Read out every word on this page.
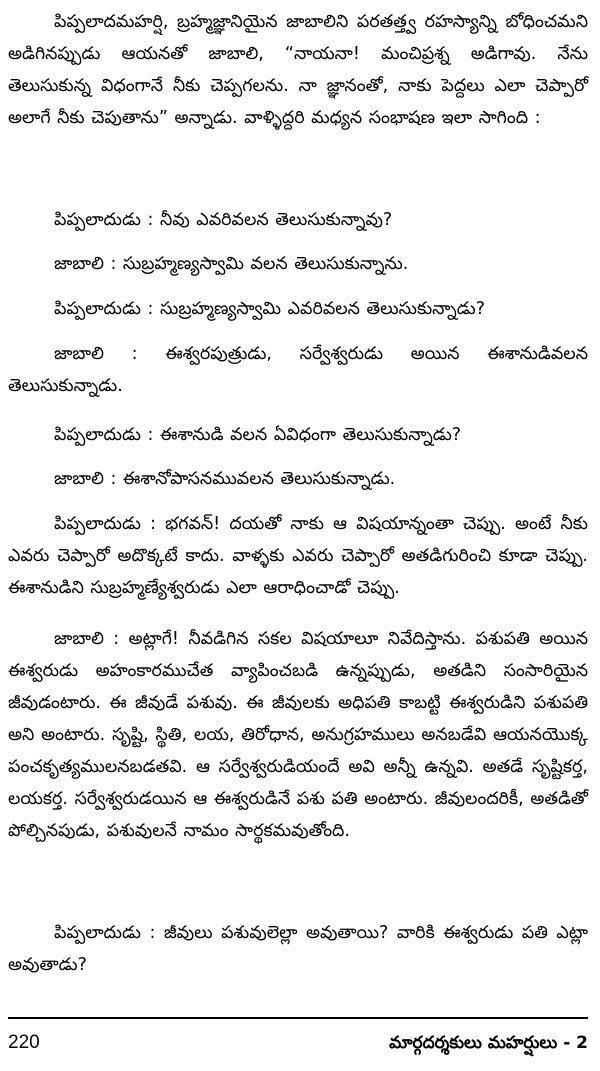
పిప్పలాదమహర్షి, బ్రహ్మజ్ఞానియైన జాబాలిని పరతత్త్వ రహస్యాన్ని బోధించమని అడిగినప్పుడు ఆయనతో జాబాలి, “నాయనా! మంచిప్రశ్న అడిగావు. నేను తెలుసుకున్న విధంగానే నీకు చెప్పగలను. నా జ్ఞానంతో, నాకు పెద్దలు ఎలా చెప్పారో అలాగే నీకు చెపుతాను” అన్నాడు. వాళ్ళిద్దరి మధ్యన సంభాషణ ఇలా సాగింది :

పిప్పలాదుడు : నీవు ఎవరివలన తెలుసుకున్నావు?

జాబాలి : సుబ్రహ్మణ్యస్వామి వలన తెలుసుకున్నాను.

పిప్పలాదుడు : సుబ్రహ్మణ్యస్వామి ఎవరివలన తెలుసుకున్నాడు?

జాబాలి : ఈశ్వరపుత్రుడు, సర్వేశ్వరుడు అయిన ఈశానుడివలన తెలుసుకున్నాడు.

పిప్పలాదుడు : ఈశానుడి వలన ఏవిధంగా తెలుసుకున్నాడు?

జాబాలి : ఈశానోపాసనమువలన తెలుసుకున్నాడు.

పిప్పలాదుడు : భగవన్! దయతో నాకు ఆ విషయాన్నంతా చెప్పు. అంటే నీకు ఎవరు చెప్పారో అదొక్కటే కాదు. వాళ్ళకు ఎవరు చెప్పారో అతడిగురించి కూడా చెప్పు. ఈశానుడిని సుబ్రహ్మణ్యేశ్వరుడు ఎలా ఆరాధించాడో చెప్పు.

జాబాలి : అట్లాగే! నీవడిగిన సకల విషయాలూ నివేదిస్తాను. పశుపతి అయిన ఈశ్వరుడు అహంకారముచేత వ్యాపించబడి ఉన్నప్పుడు, అతడిని సంసారియైన జీవుడంటారు. ఈ జీవుడే పశువు. ఈ జీవులకు అధిపతి కాబట్టి ఈశ్వరుడిని పశుపతి అని అంటారు. సృష్టి, స్థితి, లయ, తిరోధాన, అనుగ్రహములు అనబడేవి ఆయనయొక్క పంచకృత్యములనబడతవి. ఆ సర్వేశ్వరుడియందే అవి అన్నీ ఉన్నవి. అతడే సృష్టికర్త, లయకర్త. సర్వేశ్వరుడయిన ఆ ఈశ్వరుడినే పశు పతి అంటారు. జీవులందరికీ, అతడితో పోల్చినపుడు, పశువులనే నామం సార్థకమవుతోంది.

పిప్పలాదుడు : జీవులు పశువులెల్లా అవుతాయి? వారికి ఈశ్వరుడు పతి ఎట్లా అవుతాడు?

220	మార్గదర్శకులు మహర్షులు - 2
